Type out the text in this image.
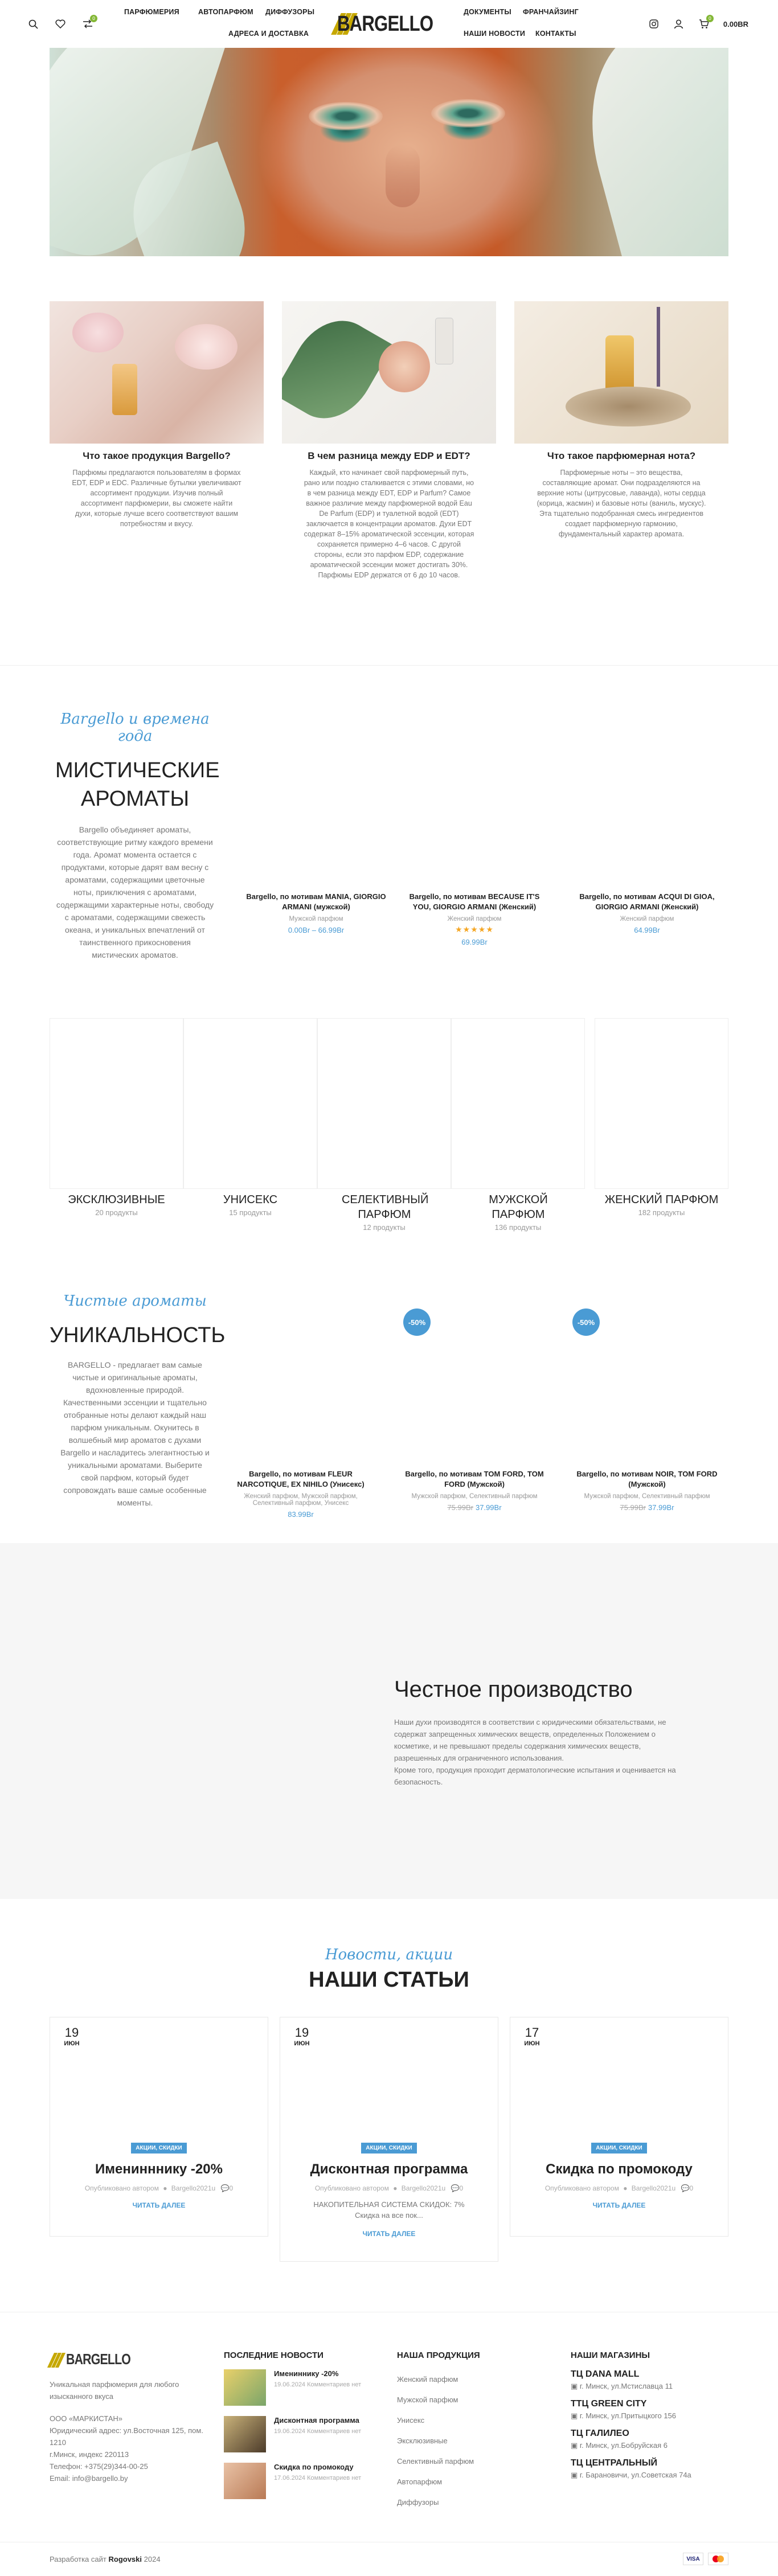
0
ПАРФЮМЕРИЯ	АВТОПАРФЮМ ДИФФУЗОРЫ
АДРЕСА И ДОСТАВКА BARGELLO	ДОКУМЕНТЫ ФРАНЧАЙЗИНГ
НАШИ НОВОСТИ КОНТАКТЫ
0
0.00BR
Что такое продукция Bargello?
Парфюмы предлагаются пользователям в формах EDT, EDP и EDC. Различные бутылки увеличивают ассортимент продукции. Изучив полный ассортимент парфюмерии, вы сможете найти духи, которые лучше всего соответствуют вашим потребностям и вкусу.
В чем разница между EDP и EDT?
Каждый, кто начинает свой парфюмерный путь, рано или поздно сталкивается с этими словами, но в чем разница между EDT, EDP и Parfum? Самое важное различие между парфюмерной водой Eau De Parfum (EDP) и туалетной водой (EDT) заключается в концентрации ароматов. Духи EDT содержат 8–15% ароматической эссенции, которая сохраняется примерно 4–6 часов. С другой стороны, если это парфюм EDP, содержание ароматической эссенции может достигать 30%. Парфюмы EDP держатся от 6 до 10 часов.
Что такое парфюмерная нота?
Парфюмерные ноты – это вещества, составляющие аромат. Они подразделяются на верхние ноты (цитрусовые, лаванда), ноты сердца (корица, жасмин) и базовые ноты (ваниль, мускус). Эта тщательно подобранная смесь ингредиентов создает парфюмерную гармонию, фундаментальный характер аромата.
Bargello и времена года
МИСТИЧЕСКИЕ АРОМАТЫ
Bargello объединяет ароматы, соответствующие ритму каждого времени года. Аромат момента остается с продуктами, которые дарят вам весну с ароматами, содержащими цветочные ноты, приключения с ароматами, содержащими характерные ноты, свободу с ароматами, содержащими свежесть океана, и уникальных впечатлений от таинственного прикосновения мистических ароматов.
Bargello, по мотивам MANIA, GIORGIO ARMANI (мужской)
Мужской парфюм
0.00Br – 66.99Br
Bargello, по мотивам BECAUSE IT'S YOU, GIORGIO ARMANI (Женский)
Женский парфюм
★★★★★
69.99Br
Bargello, по мотивам ACQUI DI GIOA, GIORGIO ARMANI (Женский)
Женский парфюм
64.99Br
ЭКСКЛЮЗИВНЫЕ
20 продукты
УНИСЕКС
15 продукты
СЕЛЕКТИВНЫЙ ПАРФЮМ
12 продукты
МУЖСКОЙ ПАРФЮМ
136 продукты
ЖЕНСКИЙ ПАРФЮМ
182 продукты
Чистые ароматы
УНИКАЛЬНОСТЬ
BARGELLO - предлагает вам самые чистые и оригинальные ароматы, вдохновленные природой. Качественными эссенции и тщательно отобранные ноты делают каждый наш парфюм уникальным. Окунитесь в волшебный мир ароматов с духами Bargello и насладитесь элегантностью и уникальными ароматами. Выберите свой парфюм, который будет сопровождать ваше самые особенные моменты.
Bargello, по мотивам FLEUR NARCOTIQUE, EX NIHILO (Унисекс)
Женский парфюм, Мужской парфюм, Селективный парфюм, Унисекс
83.99Br
-50%
Bargello, по мотивам TOM FORD, TOM FORD (Мужской)
Мужской парфюм, Селективный парфюм
75.99Br 37.99Br
-50%
Bargello, по мотивам NOIR, TOM FORD (Мужской)
Мужской парфюм, Селективный парфюм
75.99Br 37.99Br
Честное производство
Наши духи производятся в соответствии с юридическими обязательствами, не содержат запрещенных химических веществ, определенных Положением о косметике, и не превышают пределы содержания химических веществ, разрешенных для ограниченного использования.
Кроме того, продукция проходит дерматологические испытания и оценивается на безопасность.
Новости, акции
НАШИ СТАТЬИ
19
ИЮН
АКЦИИ, СКИДКИ
Именинннику -20%
Опубликовано автором ● Bargello2021u 💬0
ЧИТАТЬ ДАЛЕЕ
19
ИЮН
АКЦИИ, СКИДКИ
Дисконтная программа
Опубликовано автором ● Bargello2021u 💬0
НАКОПИТЕЛЬНАЯ СИСТЕМА СКИДОК: 7% Скидка на все пок...
ЧИТАТЬ ДАЛЕЕ
17
ИЮН
АКЦИИ, СКИДКИ
Скидка по промокоду
Опубликовано автором ● Bargello2021u 💬0
ЧИТАТЬ ДАЛЕЕ
BARGELLO
Уникальная парфюмерия для любого изысканного вкуса
ООО «МАРКИСТАН»
Юридический адрес: ул.Восточная 125, пом. 1210
г.Минск, индекс 220113
Телефон: +375(29)344-00-25
Email: info@bargello.by
ПОСЛЕДНИЕ НОВОСТИ
Имениннику -20%
19.06.2024 Комментариев нет
Дисконтная программа
19.06.2024 Комментариев нет
Скидка по промокоду
17.06.2024 Комментариев нет
НАША ПРОДУКЦИЯ
Женский парфюм
Мужской парфюм
Унисекс
Эксклюзивные
Селективный парфюм
Автопарфюм
Диффузоры
НАШИ МАГАЗИНЫ
ТЦ DANA MALL
▣ г. Минск, ул.Мстиславца 11
ТТЦ GREEN CITY
▣ г. Минск, ул.Притыцкого 156
ТЦ ГАЛИЛЕО
▣ г. Минск, ул.Бобруйская 6
ТЦ ЦЕНТРАЛЬНЫЙ
▣ г. Барановичи, ул.Советская 74а
Разработка сайт Rogovski 2024	VISA
